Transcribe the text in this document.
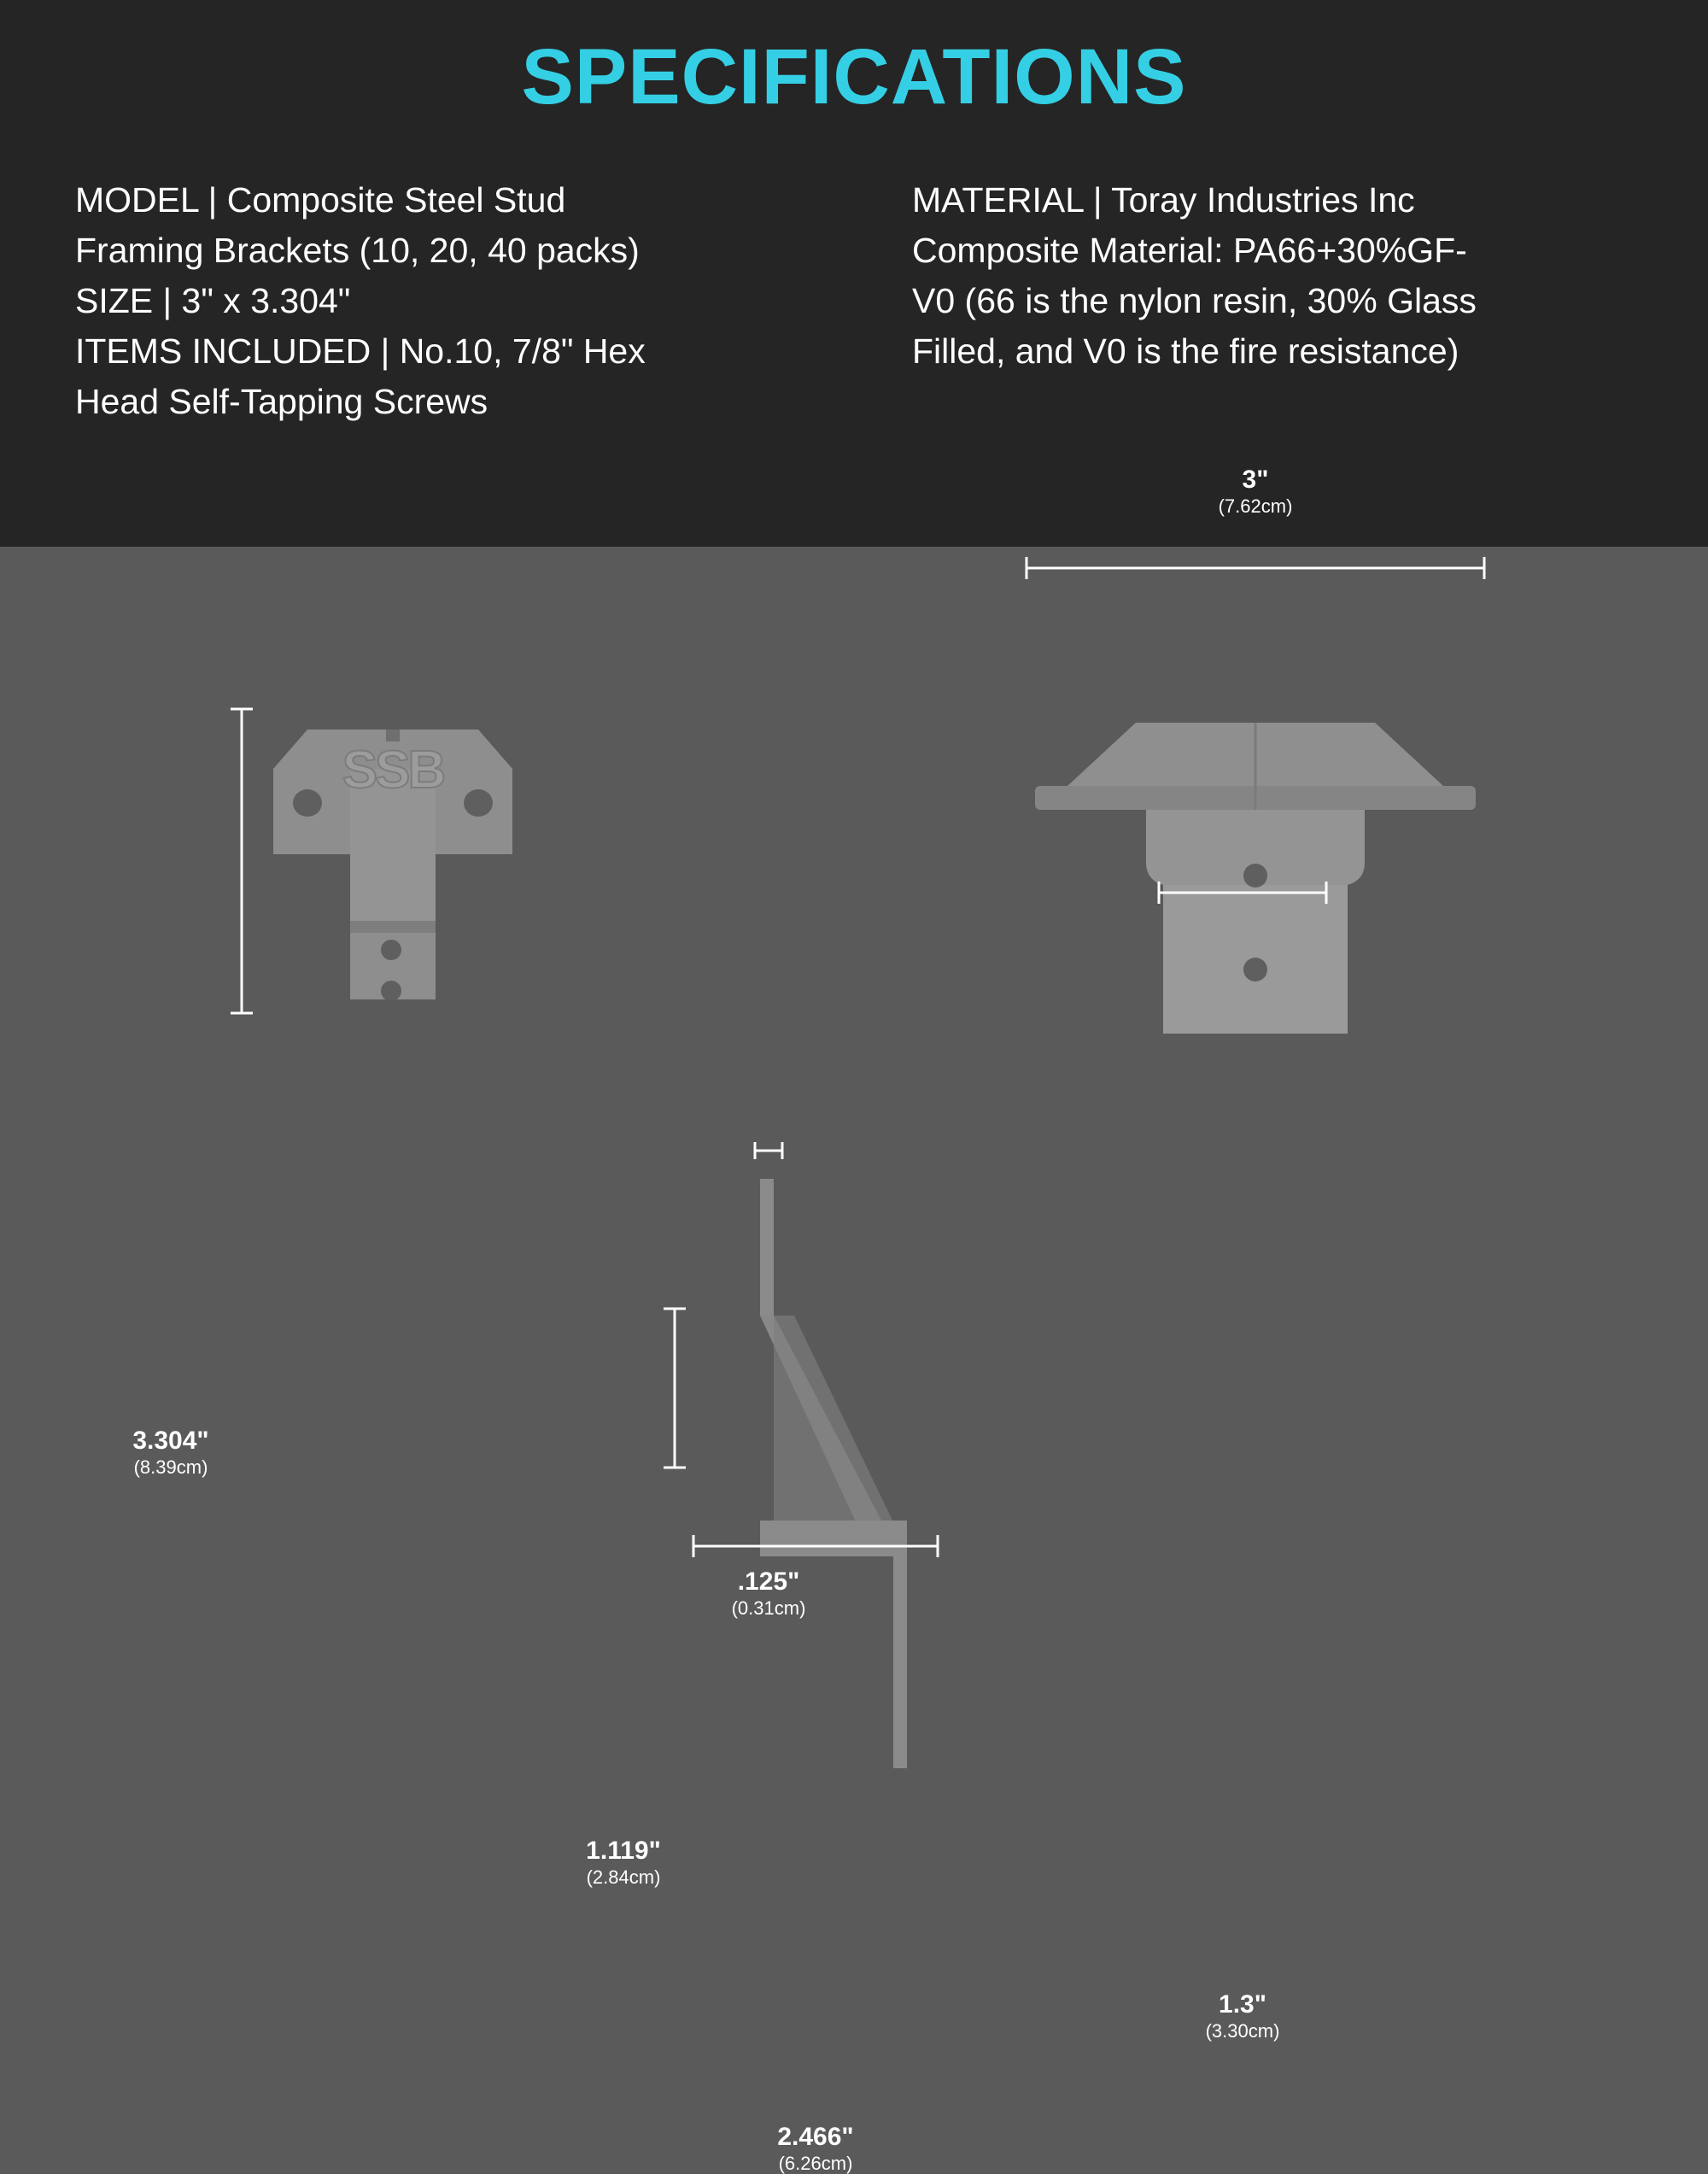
SPECIFICATIONS
MODEL | Composite Steel Stud
Framing Brackets (10, 20, 40 packs)
SIZE | 3" x 3.304"
ITEMS INCLUDED | No.10, 7/8" Hex
Head Self-Tapping Screws
MATERIAL | Toray Industries Inc
Composite Material: PA66+30%GF-
V0 (66 is the nylon resin, 30% Glass
Filled, and V0 is the fire resistance)
SSB
3.304"
(8.39cm)
3"
(7.62cm)
1.3"
(3.30cm)
.125"
(0.31cm)
1.119"
(2.84cm)
2.466"
(6.26cm)
